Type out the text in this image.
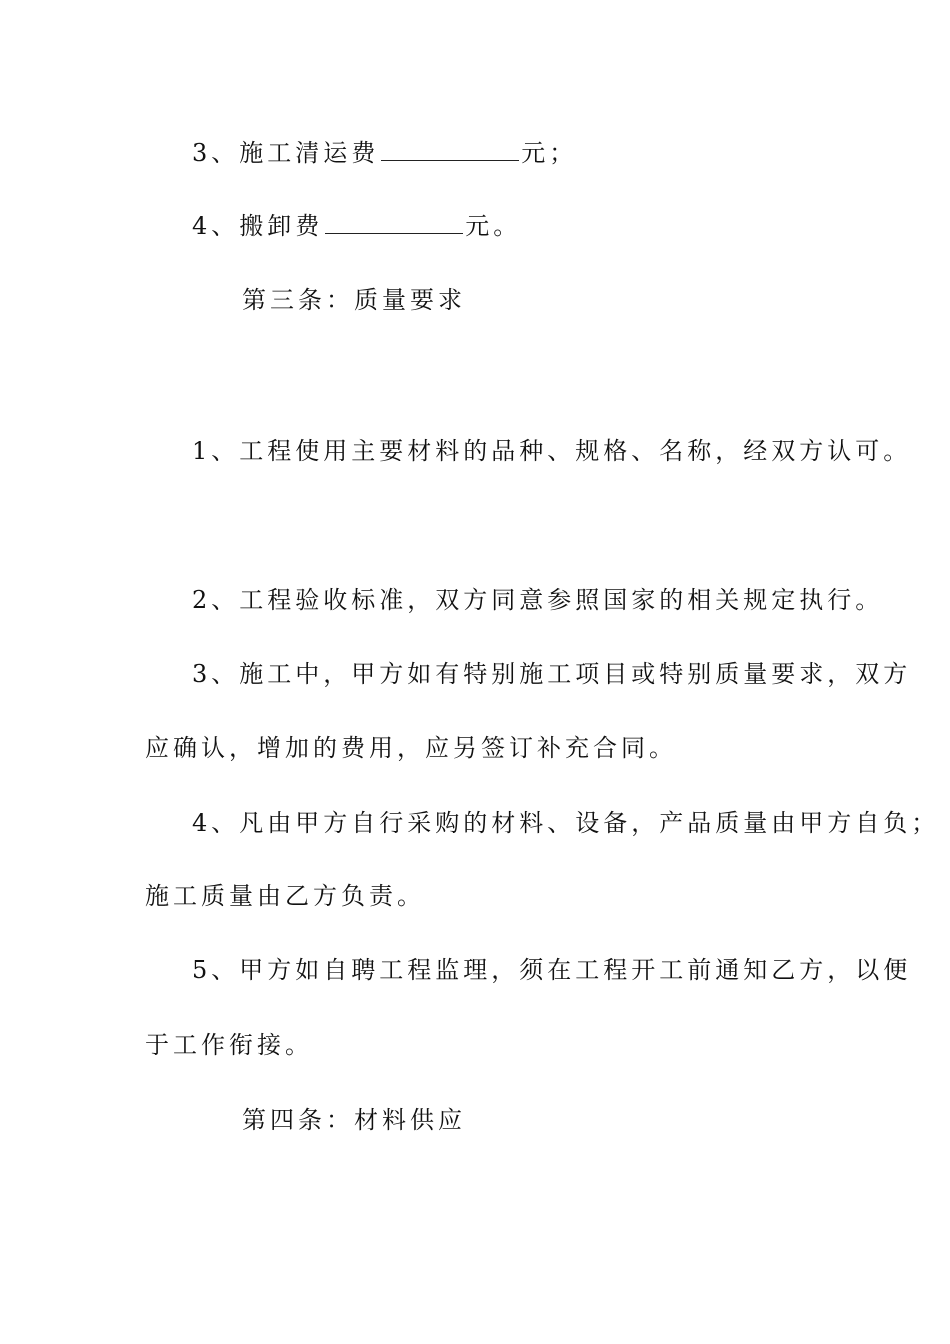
3、施工清运费	元；
4、搬卸费	元。
第三条：质量要求
1、工程使用主要材料的品种、规格、名称，经双方认可。
2、工程验收标准，双方同意参照国家的相关规定执行。
3、施工中，甲方如有特别施工项目或特别质量要求，双方
应确认，增加的费用，应另签订补充合同。
4、凡由甲方自行采购的材料、设备，产品质量由甲方自负；
施工质量由乙方负责。
5、甲方如自聘工程监理，须在工程开工前通知乙方，以便
于工作衔接。
第四条：材料供应
